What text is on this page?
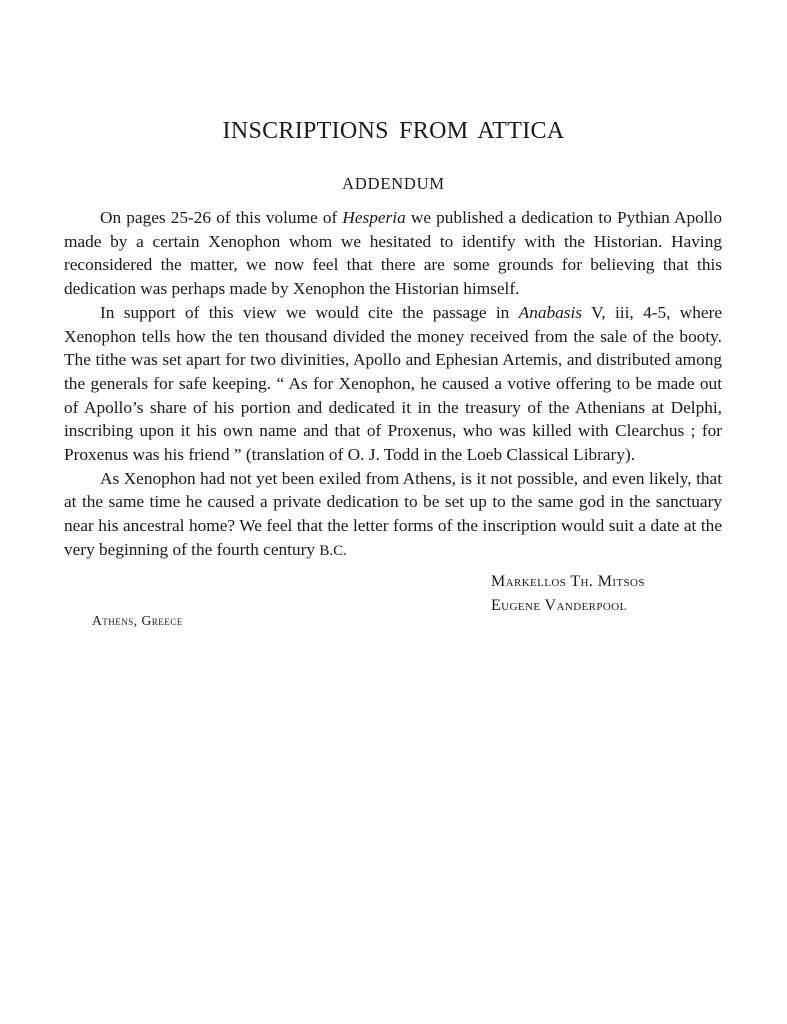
INSCRIPTIONS FROM ATTICA
ADDENDUM

On pages 25-26 of this volume of Hesperia we published a dedication to Pythian Apollo made by a certain Xenophon whom we hesitated to identify with the Historian. Having reconsidered the matter, we now feel that there are some grounds for believing that this dedication was perhaps made by Xenophon the Historian himself.

In support of this view we would cite the passage in Anabasis V, iii, 4-5, where Xenophon tells how the ten thousand divided the money received from the sale of the booty. The tithe was set apart for two divinities, Apollo and Ephesian Artemis, and distributed among the generals for safe keeping. “ As for Xenophon, he caused a votive offering to be made out of Apollo’s share of his portion and dedicated it in the treasury of the Athenians at Delphi, inscribing upon it his own name and that of Proxenus, who was killed with Clearchus ; for Proxenus was his friend ” (translation of O. J. Todd in the Loeb Classical Library).

As Xenophon had not yet been exiled from Athens, is it not possible, and even likely, that at the same time he caused a private dedication to be set up to the same god in the sanctuary near his ancestral home? We feel that the letter forms of the inscription would suit a date at the very beginning of the fourth century B.C.

Markellos Th. Mitsos
Eugene Vanderpool
Athens, Greece
